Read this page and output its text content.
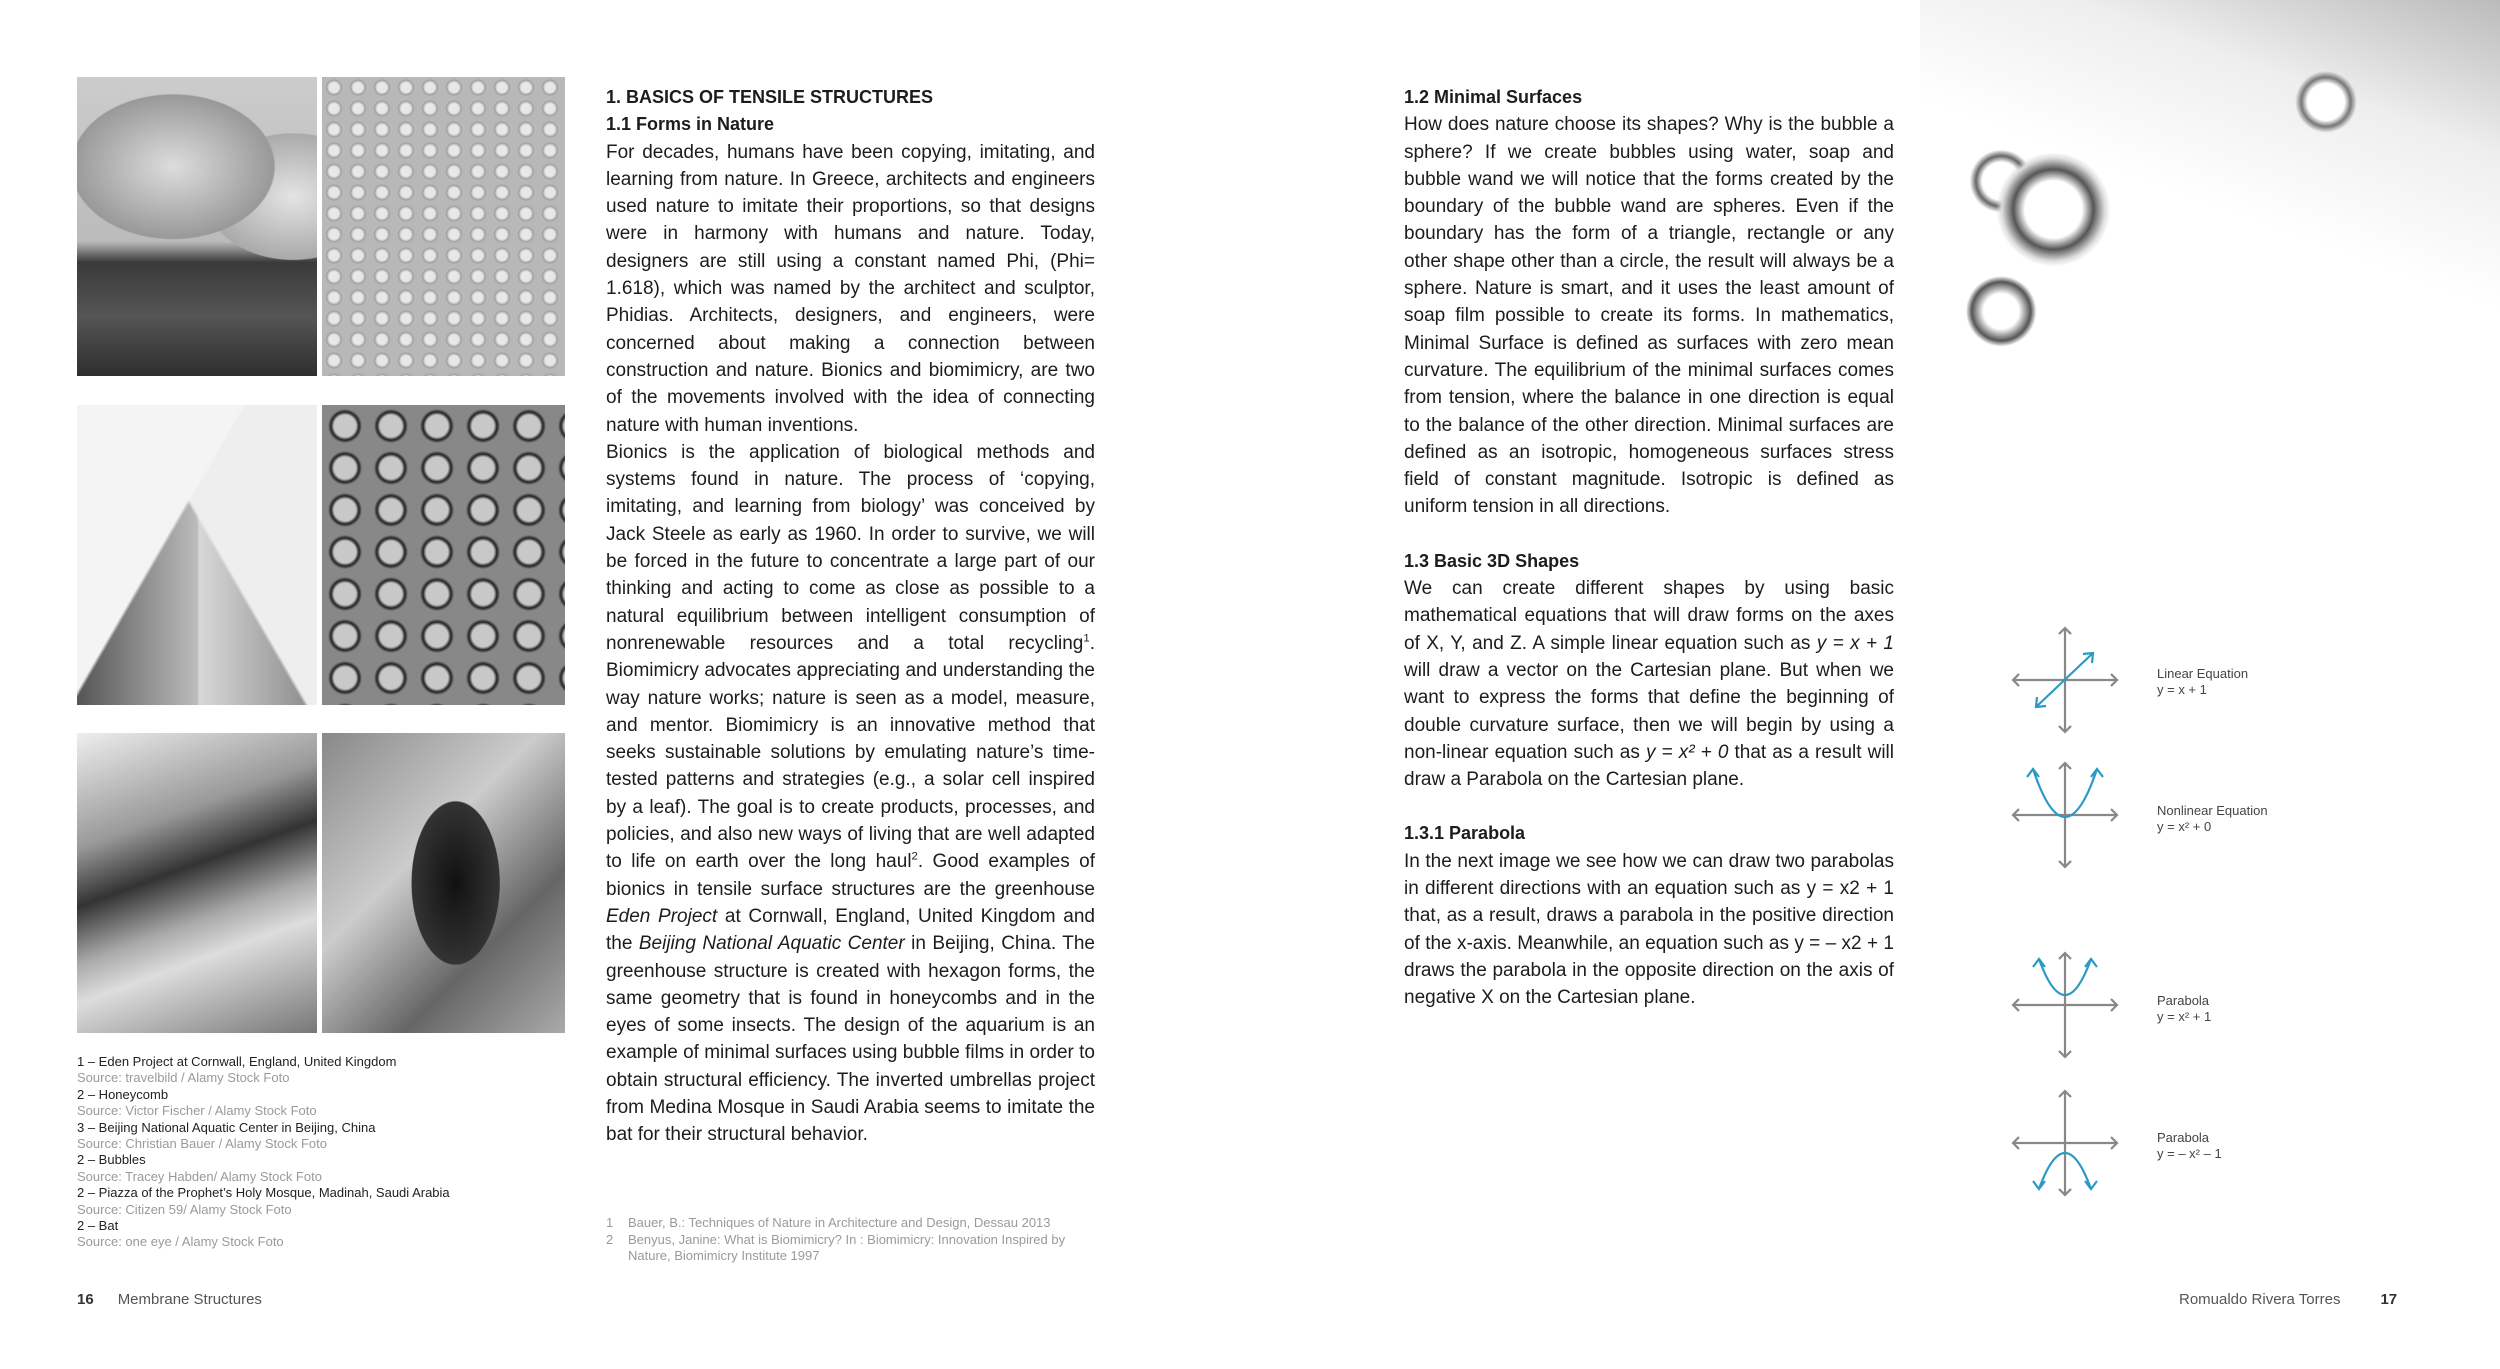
1 – Eden Project at Cornwall, England, United Kingdom
Source: travelbild / Alamy Stock Foto
2 – Honeycomb
Source: Victor Fischer / Alamy Stock Foto
3 – Beijing National Aquatic Center in Beijing, China
Source: Christian Bauer / Alamy Stock Foto
2 – Bubbles
Source: Tracey Habden/ Alamy Stock Foto
2 – Piazza of the Prophet’s Holy Mosque, Madinah, Saudi Arabia
Source: Citizen 59/ Alamy Stock Foto
2 – Bat
Source: one eye / Alamy Stock Foto
1. BASICS OF TENSILE STRUCTURES
1.1 Forms in Nature

For decades, humans have been copying, imitating, and learning from nature. In Greece, architects and engineers used nature to imitate their proportions, so that designs were in harmony with humans and nature. Today, designers are still using a constant named Phi, (Phi= 1.618), which was named by the architect and sculptor, Phidias. Architects, designers, and engineers, were concerned about making a connection between construction and nature. Bionics and biomimicry, are two of the movements involved with the idea of connecting nature with human inventions.

Bionics is the application of biological methods and systems found in nature. The process of ‘copying, imitating, and learning from biology’ was conceived by Jack Steele as early as 1960. In order to survive, we will be forced in the future to concentrate a large part of our thinking and acting to come as close as possible to a natural equilibrium between intelligent consumption of nonrenewable resources and a total recycling$^1$. Biomimicry advocates appreciating and understanding the way nature works; nature is seen as a model, measure, and mentor. Biomimicry is an innovative method that seeks sustainable solutions by emulating nature’s time-tested patterns and strategies (e.g., a solar cell inspired by a leaf). The goal is to create products, processes, and policies, and also new ways of living that are well adapted to life on earth over the long haul$^2$. Good examples of bionics in tensile surface structures are the greenhouse Eden Project at Cornwall, England, United Kingdom and the Beijing National Aquatic Center in Beijing, China. The greenhouse structure is created with hexagon forms, the same geometry that is found in honeycombs and in the eyes of some insects. The design of the aquarium is an example of minimal surfaces using bubble films in order to obtain structural efficiency. The inverted umbrellas project from Medina Mosque in Saudi Arabia seems to imitate the bat for their structural behavior.

1	Bauer, B.: Techniques of Nature in Architecture and Design, Dessau 2013
2	Benyus, Janine: What is Biomimicry? In : Biomimicry: Innovation Inspired by Nature, Biomimicry Institute 1997
16 Membrane Structures
1.2 Minimal Surfaces

How does nature choose its shapes? Why is the bubble a sphere? If we create bubbles using water, soap and bubble wand we will notice that the forms created by the boundary of the bubble wand are spheres. Even if the boundary has the form of a triangle, rectangle or any other shape other than a circle, the result will always be a sphere. Nature is smart, and it uses the least amount of soap film possible to create its forms. In mathematics, Minimal Surface is defined as surfaces with zero mean curvature. The equilibrium of the minimal surfaces comes from tension, where the balance in one direction is equal to the balance of the other direction. Minimal surfaces are defined as an isotropic, homogeneous surfaces stress field of constant magnitude. Isotropic is defined as uniform tension in all directions.

1.3 Basic 3D Shapes

We can create different shapes by using basic mathematical equations that will draw forms on the axes of X, Y, and Z. A simple linear equation such as y = x + 1 will draw a vector on the Cartesian plane. But when we want to express the forms that define the beginning of double curvature surface, then we will begin by using a non-linear equation such as y = x² + 0 that as a result will draw a Parabola on the Cartesian plane.

1.3.1 Parabola

In the next image we see how we can draw two parabolas in different directions with an equation such as y = x2 + 1 that, as a result, draws a parabola in the positive direction of the x-axis. Meanwhile, an equation such as y = – x2 + 1 draws the parabola in the opposite direction on the axis of negative X on the Cartesian plane.

Linear Equation
y = x + 1
Nonlinear Equation
y = x² + 0
Parabola
y = x² + 1
Parabola
y = – x² – 1
Romualdo Rivera Torres	17
